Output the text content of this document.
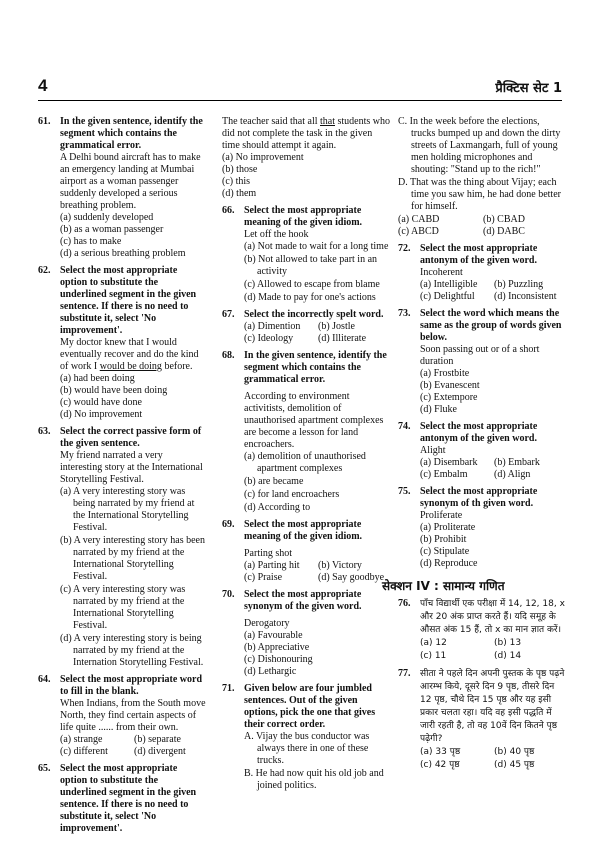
4	प्रैक्टिस सेट 1
61. In the given sentence, identify the segment which contains the grammatical error.

A Delhi bound aircraft has to make an emergency landing at Mumbai airport as a woman passenger suddenly developed a serious breathing problem.

(a) suddenly developed

(b) as a woman passenger

(c) has to make

(d) a serious breathing problem

62. Select the most appropriate option to substitute the underlined segment in the given sentence. If there is no need to substitute it, select 'No improvement'.

My doctor knew that I would eventually recover and do the kind of work I would be doing before.

(a) had been doing

(b) would have been doing

(c) would have done

(d) No improvement

63. Select the correct passive form of the given sentence.

My friend narrated a very interesting story at the International Storytelling Festival.

(a) A very interesting story was being narrated by my friend at the International Storytelling Festival.

(b) A very interesting story has been narrated by my friend at the International Storytelling Festival.

(c) A very interesting story was narrated by my friend at the International Storytelling Festival.

(d) A very interesting story is being narrated by my friend at the Internation Storytelling Festival.

64. Select the most appropriate word to fill in the blank.

When Indians, from the South move North, they find certain aspects of life quite ...... from their own.

(a) strange	(b) separate
(c) different	(d) divergent
65. Select the most appropriate option to substitute the underlined segment in the given sentence. If there is no need to substitute it, select 'No improvement'.

The teacher said that all that students who did not complete the task in the given time should attempt it again.

(a) No improvement

(b) those

(c) this

(d) them

66. Select the most appropriate meaning of the given idiom.

Let off the hook

(a) Not made to wait for a long time

(b) Not allowed to take part in an activity

(c) Allowed to escape from blame

(d) Made to pay for one's actions

67. Select the incorrectly spelt word.

(a) Dimention	(b) Jostle
(c) Ideology	(d) Illiterate
68. In the given sentence, identify the segment which contains the grammatical error.

According to environment activitists, demolition of unauthorised apartment complexes are become a lesson for land encroachers.

(a) demolition of unauthorised apartment complexes

(b) are became

(c) for land encroachers

(d) According to

69. Select the most appropriate meaning of the given idiom.

Parting shot

(a) Parting hit	(b) Victory
(c) Praise	(d) Say goodbye
70. Select the most appropriate synonym of the given word.

Derogatory

(a) Favourable

(b) Appreciative

(c) Dishonouring

(d) Lethargic

71. Given below are four jumbled sentences. Out of the given options, pick the one that gives their correct order.

A. Vijay the bus conductor was always there in one of these trucks.

B. He had now quit his old job and joined politics.

C. In the week before the elections, trucks bumped up and down the dirty streets of Laxmangarh, full of young men holding microphones and shouting: "Stand up to the rich!"

D. That was the thing about Vijay; each time you saw him, he had done better for himself.

(a) CABD	(b) CBAD
(c) ABCD	(d) DABC
72. Select the most appropriate antonym of the given word.

Incoherent

(a) Intelligible	(b) Puzzling
(c) Delightful	(d) Inconsistent
73. Select the word which means the same as the group of words given below.

Soon passing out or of a short duration

(a) Frostbite

(b) Evanescent

(c) Extempore

(d) Fluke

74. Select the most appropriate antonym of the given word.

Alight

(a) Disembark	(b) Embark
(c) Embalm	(d) Align
75. Select the most appropriate synonym of th given word.

Proliferate

(a) Proliterate

(b) Prohibit

(c) Stipulate

(d) Reproduce

सेक्शन IV : सामान्य गणित
76. पाँच विद्यार्थी एक परीक्षा में 14, 12, 18, x और 20 अंक प्राप्त करते हैं। यदि समूह के औसत अंक 15 हैं, तो x का मान ज्ञात करें।

(a) 12	(b) 13
(c) 11	(d) 14
77. सीता ने पहले दिन अपनी पुस्तक के पृष्ठ पढ़ने आरम्भ किये, दूसरे दिन 9 पृष्ठ, तीसरे दिन 12 पृष्ठ, चौथे दिन 15 पृष्ठ और यह इसी प्रकार चलता रहा। यदि वह इसी पद्धति में जारी रहती है, तो वह 10वें दिन कितने पृष्ठ पढ़ेगी?

(a) 33 पृष्ठ	(b) 40 पृष्ठ
(c) 42 पृष्ठ	(d) 45 पृष्ठ
